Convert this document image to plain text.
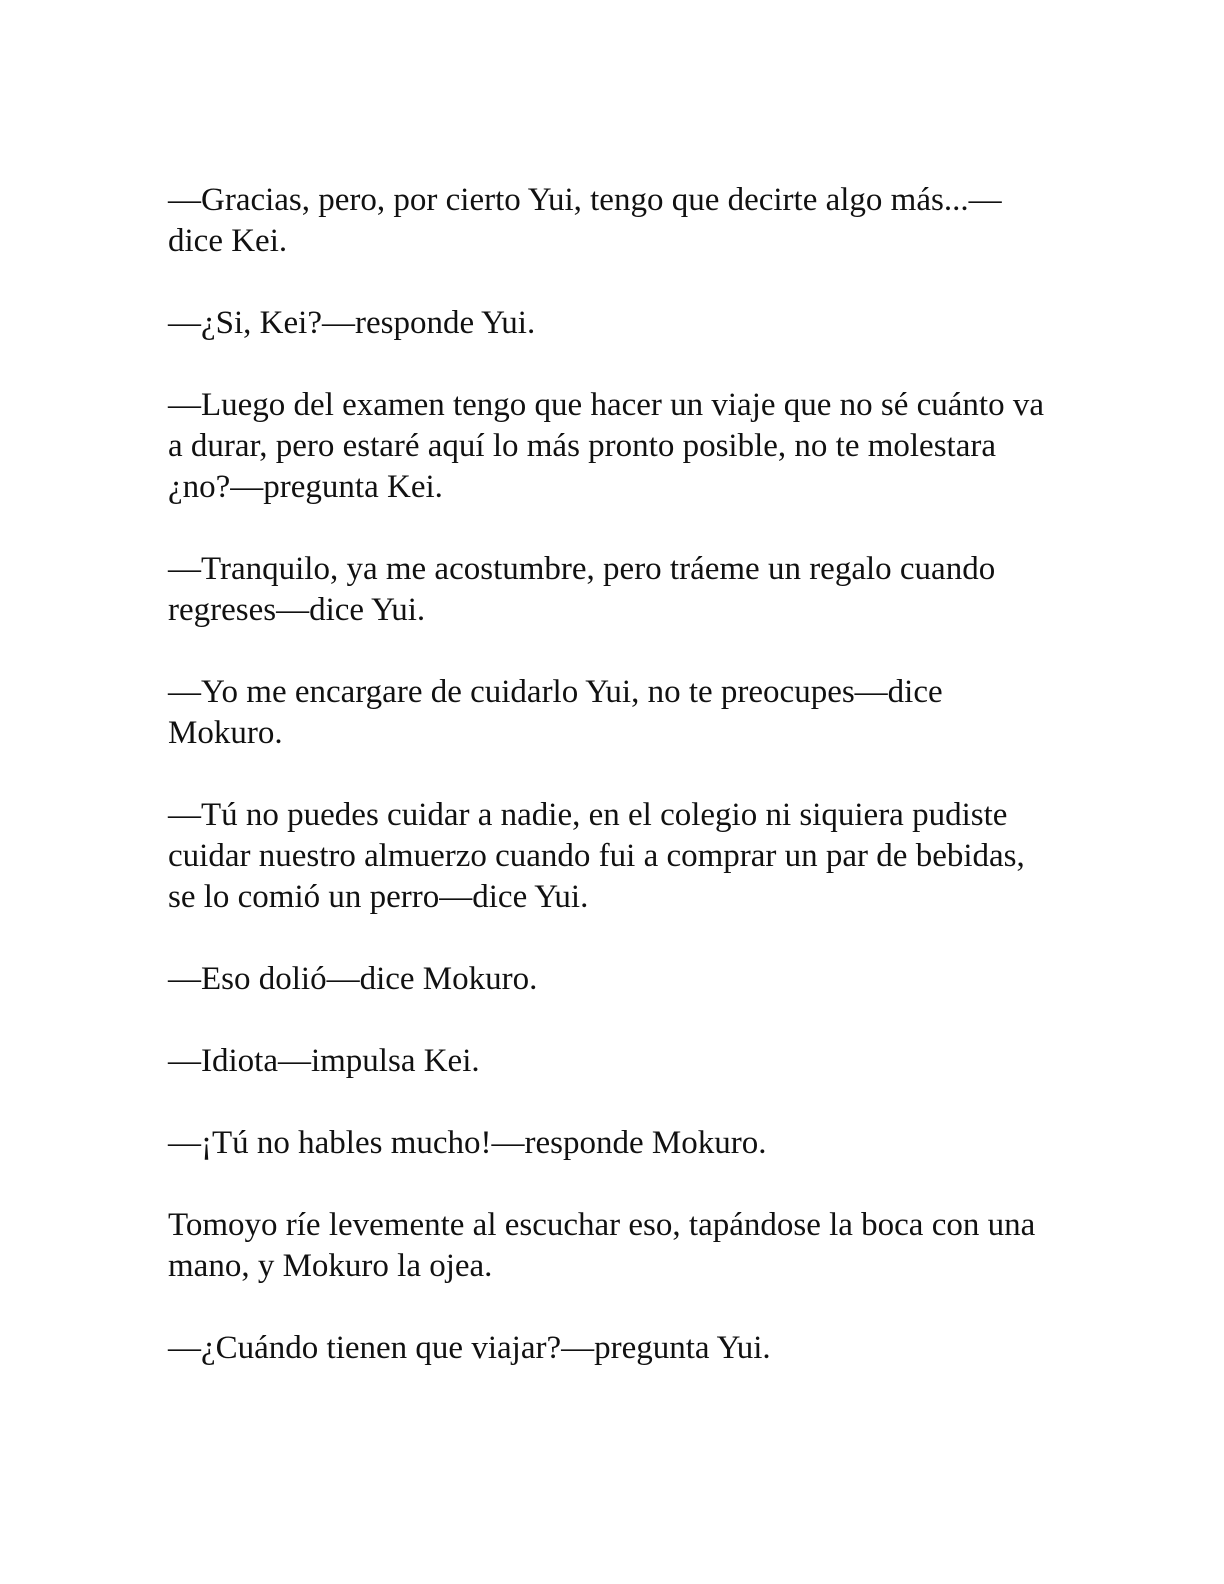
—Gracias, pero, por cierto Yui, tengo que decirte algo más...—dice Kei.

—¿Si, Kei?—responde Yui.

—Luego del examen tengo que hacer un viaje que no sé cuánto va a durar, pero estaré aquí lo más pronto posible, no te molestara ¿no?—pregunta Kei.

—Tranquilo, ya me acostumbre, pero tráeme un regalo cuando regreses—dice Yui.

—Yo me encargare de cuidarlo Yui, no te preocupes—dice Mokuro.

—Tú no puedes cuidar a nadie, en el colegio ni siquiera pudiste cuidar nuestro almuerzo cuando fui a comprar un par de bebidas, se lo comió un perro—dice Yui.

—Eso dolió—dice Mokuro.

—Idiota—impulsa Kei.

—¡Tú no hables mucho!—responde Mokuro.

Tomoyo ríe levemente al escuchar eso, tapándose la boca con una mano, y Mokuro la ojea.

—¿Cuándo tienen que viajar?—pregunta Yui.
